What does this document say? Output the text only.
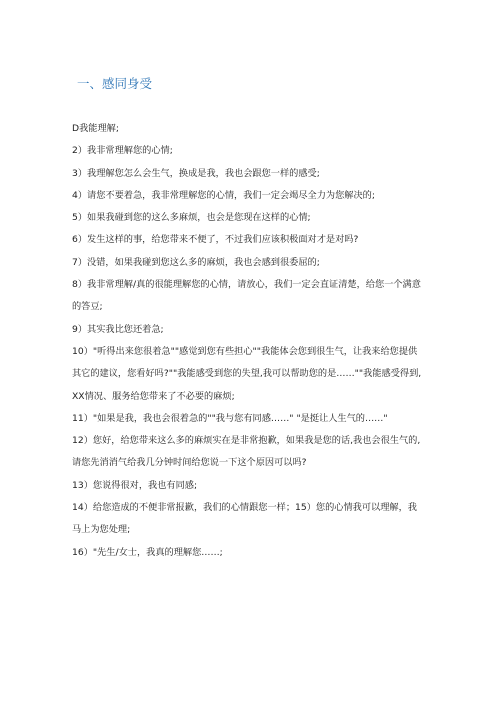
一、感同身受
D我能理解;
2）我非常理解您的心情;
3）我理解您怎么会生气，换成是我，我也会跟您一样的感受;
4）请您不要着急，我非常理解您的心情，我们一定会竭尽全力为您解决的;
5）如果我碰到您的这么多麻烦，也会是您现在这样的心情;
6）发生这样的事，给您带来不便了，不过我们应该积极面对才是对吗?
7）没错，如果我碰到您这么多的麻烦，我也会感到很委屈的;
8）我非常理解/真的很能理解您的心情，请放心，我们一定会直证清楚，给您一个满意
的答豆;
9）其实我比您还着急;
10）"听得出来您很着急""感觉到您有些担心""我能体会您到很生气，让我来给您提供
其它的建议，您看好吗?""我能感受到您的失望,我可以帮助您的是……""我能感受得到,
XX情况、服务给您带来了不必要的麻烦;
11）"如果是我，我也会很着急的""我与您有同感……" "是挺让人生气的……"
12）您好，给您带来这么多的麻烦实在是非常抱歉，如果我是您的话,我也会很生气的,
请您先消消气给我几分钟时间给您说一下这个原因可以吗?
13）您说得很对，我也有同感;
14）给您造成的不便非常报歉，我们的心情跟您一样；15）您的心情我可以理解，我
马上为您处理;
16）"先生/女士，我真的理解您……;
